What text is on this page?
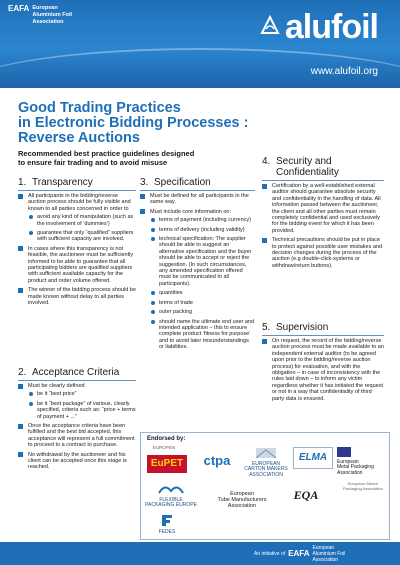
EAFA European
Aluminium Foil
Association	alufoil
www.alufoil.org
Good Trading Practices
in Electronic Bidding Processes :
Reverse Auctions
Recommended best practice guidelines designed
to ensure fair trading and to avoid misuse
1. Transparency
All participants in the bidding/reverse auction process should be fully visible and known to all parties concerned in order to
avoid any kind of manipulation (such as the involvement of ‘dummies’)
guarantee that only “qualified” suppliers with sufficient capacity are involved.
In cases where this transparency is not feasible, the auctioneer must be sufficiently informed to be able to guarantee that all participating bidders are qualified suppliers with sufficient available capacity for the product and order volume offered.
The winner of the bidding process should be made known without delay to all parties involved.
2. Acceptance Criteria
Must be clearly defined
be it “best price”
be it “best package” of various, clearly specified, criteria such as: “price + terms of payment + ...”
Once the acceptance criteria have been fulfilled and the best bid accepted, this acceptance will represent a full commitment to proceed to a contract to purchase.
No withdrawal by the auctioneer and his client can be accepted once this stage is reached.
3. Specification
Must be defined for all participants in the same way.
Must include core information on:
terms of payment (including currency)
terms of delivery (including validity)
technical specification: The supplier should be able to suggest an alternative specification and the buyer should be able to accept or reject the suggestion. (In such circumstances, any amended specification offered must be communicated to all participants).
quantities
terms of trade
outer packing
should name the ultimate end user and intended application – this to ensure complete product ‘fitness for purpose’ and to avoid later misunderstandings or liabilities.
4. Security and
Confidentiality
Certification by a well-established external auditor should guarantee absolute security and confidentiality in the handling of data. All information passed between the auctioneer, the client and all other parties must remain completely confidential and used exclusively for the bidding event for which it has been provided.
Technical precautions should be put in place to protect against possible user mistakes and decision changes during the process of the auction (e.g double-click-systems or withdraw/return buttons).
5. Supervision
On request, the record of the bidding/reverse auction process must be made available to an independent external auditor (to be agreed upon prior to the bidding/reverse auction process) for evaluation, and with the obligation – in case of inconsistency with the rules laid down – to inform any victim regardless whether it has initiated the request or not in a way that confidentiality of third party data is ensured.
Endorsed by:
EUROPEN
EuPET	ctpa	EUROPEAN
CARTON MAKERS
ASSOCIATION
ELMA	European
Metal Packaging
Association

FLEXIBLE PACKAGING EUROPE
European
Tube Manufacturers
Association
EQA
European Sleeve Packaging Association

FEDES
An initiative of EAFA
European
Aluminium Foil
Association
